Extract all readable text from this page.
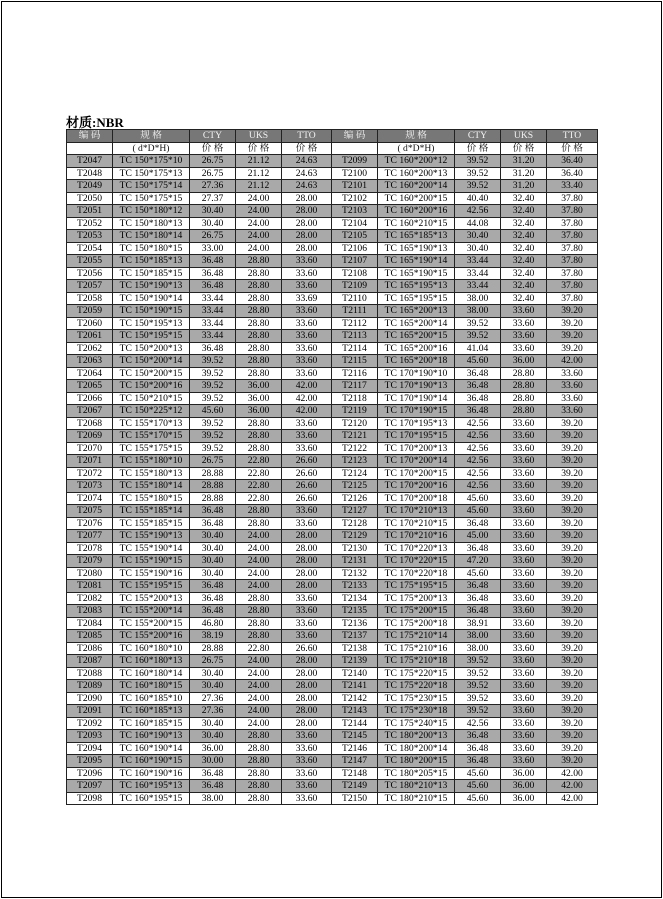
材质:NBR
编 码	规 格	CTY	UKS	TTO	编 码	规 格	CTY	UKS	TTO
	( d*D*H)	价 格	价 格	价 格		( d*D*H)	价 格	价 格	价 格
T2047	TC 150*175*10	26.75	21.12	24.63	T2099	TC 160*200*12	39.52	31.20	36.40
T2048	TC 150*175*13	26.75	21.12	24.63	T2100	TC 160*200*13	39.52	31.20	36.40
T2049	TC 150*175*14	27.36	21.12	24.63	T2101	TC 160*200*14	39.52	31.20	33.40
T2050	TC 150*175*15	27.37	24.00	28.00	T2102	TC 160*200*15	40.40	32.40	37.80
T2051	TC 150*180*12	30.40	24.00	28.00	T2103	TC 160*200*16	42.56	32.40	37.80
T2052	TC 150*180*13	30.40	24.00	28.00	T2104	TC 160*210*15	44.08	32.40	37.80
T2053	TC 150*180*14	26.75	24.00	28.00	T2105	TC 165*185*13	30.40	32.40	37.80
T2054	TC 150*180*15	33.00	24.00	28.00	T2106	TC 165*190*13	30.40	32.40	37.80
T2055	TC 150*185*13	36.48	28.80	33.60	T2107	TC 165*190*14	33.44	32.40	37.80
T2056	TC 150*185*15	36.48	28.80	33.60	T2108	TC 165*190*15	33.44	32.40	37.80
T2057	TC 150*190*13	36.48	28.80	33.60	T2109	TC 165*195*13	33.44	32.40	37.80
T2058	TC 150*190*14	33.44	28.80	33.69	T2110	TC 165*195*15	38.00	32.40	37.80
T2059	TC 150*190*15	33.44	28.80	33.60	T2111	TC 165*200*13	38.00	33.60	39.20
T2060	TC 150*195*13	33.44	28.80	33.60	T2112	TC 165*200*14	39.52	33.60	39.20
T2061	TC 150*195*15	33.44	28.80	33.60	T2113	TC 165*200*15	39.52	33.60	39.20
T2062	TC 150*200*13	36.48	28.80	33.60	T2114	TC 165*200*16	41.04	33.60	39.20
T2063	TC 150*200*14	39.52	28.80	33.60	T2115	TC 165*200*18	45.60	36.00	42.00
T2064	TC 150*200*15	39.52	28.80	33.60	T2116	TC 170*190*10	36.48	28.80	33.60
T2065	TC 150*200*16	39.52	36.00	42.00	T2117	TC 170*190*13	36.48	28.80	33.60
T2066	TC 150*210*15	39.52	36.00	42.00	T2118	TC 170*190*14	36.48	28.80	33.60
T2067	TC 150*225*12	45.60	36.00	42.00	T2119	TC 170*190*15	36.48	28.80	33.60
T2068	TC 155*170*13	39.52	28.80	33.60	T2120	TC 170*195*13	42.56	33.60	39.20
T2069	TC 155*170*15	39.52	28.80	33.60	T2121	TC 170*195*15	42.56	33.60	39.20
T2070	TC 155*175*15	39.52	28.80	33.60	T2122	TC 170*200*13	42.56	33.60	39.20
T2071	TC 155*180*10	26.75	22.80	26.60	T2123	TC 170*200*14	42.56	33.60	39.20
T2072	TC 155*180*13	28.88	22.80	26.60	T2124	TC 170*200*15	42.56	33.60	39.20
T2073	TC 155*180*14	28.88	22.80	26.60	T2125	TC 170*200*16	42.56	33.60	39.20
T2074	TC 155*180*15	28.88	22.80	26.60	T2126	TC 170*200*18	45.60	33.60	39.20
T2075	TC 155*185*14	36.48	28.80	33.60	T2127	TC 170*210*13	45.60	33.60	39.20
T2076	TC 155*185*15	36.48	28.80	33.60	T2128	TC 170*210*15	36.48	33.60	39.20
T2077	TC 155*190*13	30.40	24.00	28.00	T2129	TC 170*210*16	45.00	33.60	39.20
T2078	TC 155*190*14	30.40	24.00	28.00	T2130	TC 170*220*13	36.48	33.60	39.20
T2079	TC 155*190*15	30.40	24.00	28.00	T2131	TC 170*220*15	47.20	33.60	39.20
T2080	TC 155*190*16	30.40	24.00	28.00	T2132	TC 170*220*18	45.60	33.60	39.20
T2081	TC 155*195*15	36.48	24.00	28.00	T2133	TC 175*195*15	36.48	33.60	39.20
T2082	TC 155*200*13	36.48	28.80	33.60	T2134	TC 175*200*13	36.48	33.60	39.20
T2083	TC 155*200*14	36.48	28.80	33.60	T2135	TC 175*200*15	36.48	33.60	39.20
T2084	TC 155*200*15	46.80	28.80	33.60	T2136	TC 175*200*18	38.91	33.60	39.20
T2085	TC 155*200*16	38.19	28.80	33.60	T2137	TC 175*210*14	38.00	33.60	39.20
T2086	TC 160*180*10	28.88	22.80	26.60	T2138	TC 175*210*16	38.00	33.60	39.20
T2087	TC 160*180*13	26.75	24.00	28.00	T2139	TC 175*210*18	39.52	33.60	39.20
T2088	TC 160*180*14	30.40	24.00	28.00	T2140	TC 175*220*15	39.52	33.60	39.20
T2089	TC 160*180*15	30.40	24.00	28.00	T2141	TC 175*220*18	39.52	33.60	39.20
T2090	TC 160*185*10	27.36	24.00	28.00	T2142	TC 175*230*15	39.52	33.60	39.20
T2091	TC 160*185*13	27.36	24.00	28.00	T2143	TC 175*230*18	39.52	33.60	39.20
T2092	TC 160*185*15	30.40	24.00	28.00	T2144	TC 175*240*15	42.56	33.60	39.20
T2093	TC 160*190*13	30.40	28.80	33.60	T2145	TC 180*200*13	36.48	33.60	39.20
T2094	TC 160*190*14	36.00	28.80	33.60	T2146	TC 180*200*14	36.48	33.60	39.20
T2095	TC 160*190*15	30.00	28.80	33.60	T2147	TC 180*200*15	36.48	33.60	39.20
T2096	TC 160*190*16	36.48	28.80	33.60	T2148	TC 180*205*15	45.60	36.00	42.00
T2097	TC 160*195*13	36.48	28.80	33.60	T2149	TC 180*210*13	45.60	36.00	42.00
T2098	TC 160*195*15	38.00	28.80	33.60	T2150	TC 180*210*15	45.60	36.00	42.00
